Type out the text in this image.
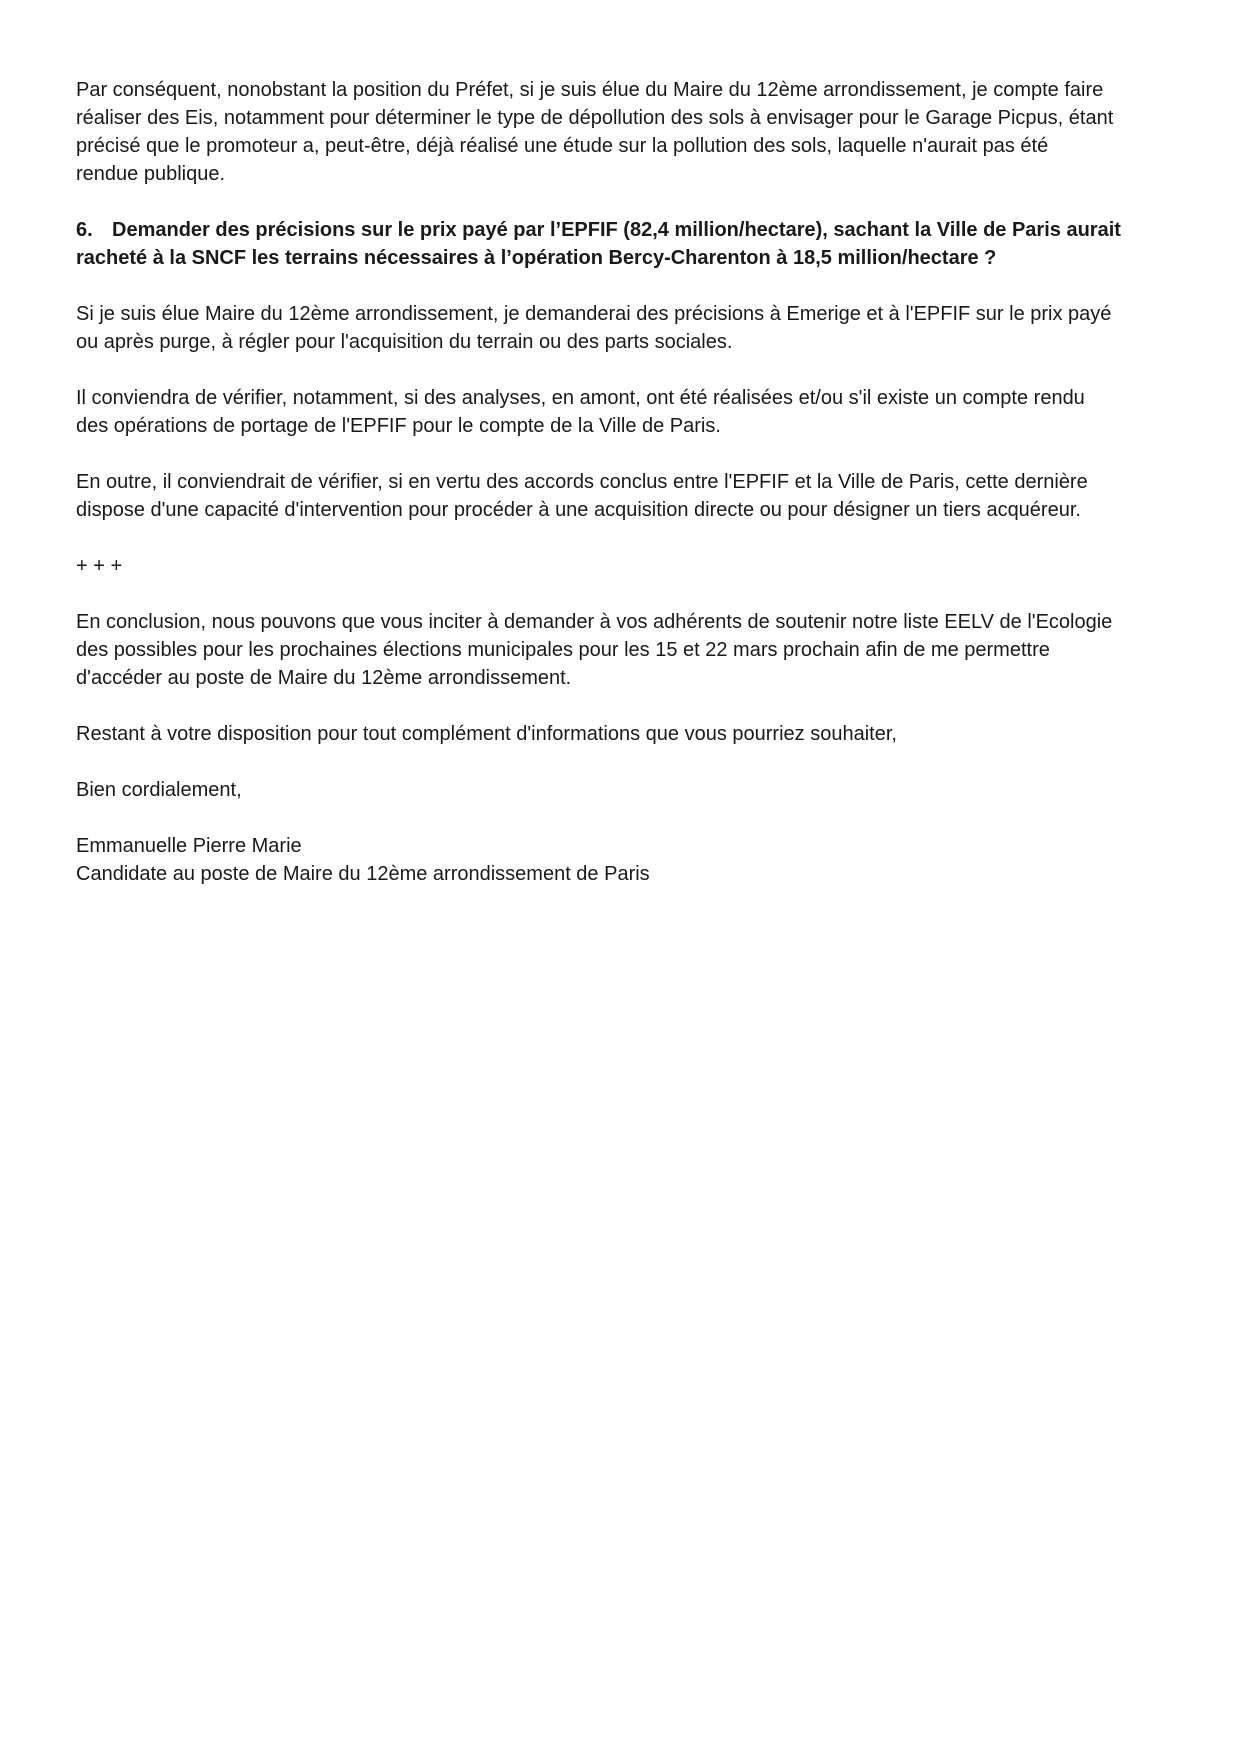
Par conséquent, nonobstant la position du Préfet, si je suis élue du Maire du 12ème arrondissement, je compte faire
réaliser des Eis, notamment pour déterminer le type de dépollution des sols à envisager pour le Garage Picpus, étant
précisé que le promoteur a, peut-être, déjà réalisé une étude sur la pollution des sols, laquelle n'aurait pas été
rendue publique.

6. Demander des précisions sur le prix payé par l’EPFIF (82,4 million/hectare), sachant la Ville de Paris aurait
racheté à la SNCF les terrains nécessaires à l’opération Bercy-Charenton à 18,5 million/hectare ?

Si je suis élue Maire du 12ème arrondissement, je demanderai des précisions à Emerige et à l'EPFIF sur le prix payé
ou après purge, à régler pour l'acquisition du terrain ou des parts sociales.

Il conviendra de vérifier, notamment, si des analyses, en amont, ont été réalisées et/ou s'il existe un compte rendu
des opérations de portage de l'EPFIF pour le compte de la Ville de Paris.

En outre, il conviendrait de vérifier, si en vertu des accords conclus entre l'EPFIF et la Ville de Paris, cette dernière
dispose d'une capacité d'intervention pour procéder à une acquisition directe ou pour désigner un tiers acquéreur.

+ + +

En conclusion, nous pouvons que vous inciter à demander à vos adhérents de soutenir notre liste EELV de l'Ecologie
des possibles pour les prochaines élections municipales pour les 15 et 22 mars prochain afin de me permettre
d'accéder au poste de Maire du 12ème arrondissement.

Restant à votre disposition pour tout complément d'informations que vous pourriez souhaiter,

Bien cordialement,

Emmanuelle Pierre Marie
Candidate au poste de Maire du 12ème arrondissement de Paris
